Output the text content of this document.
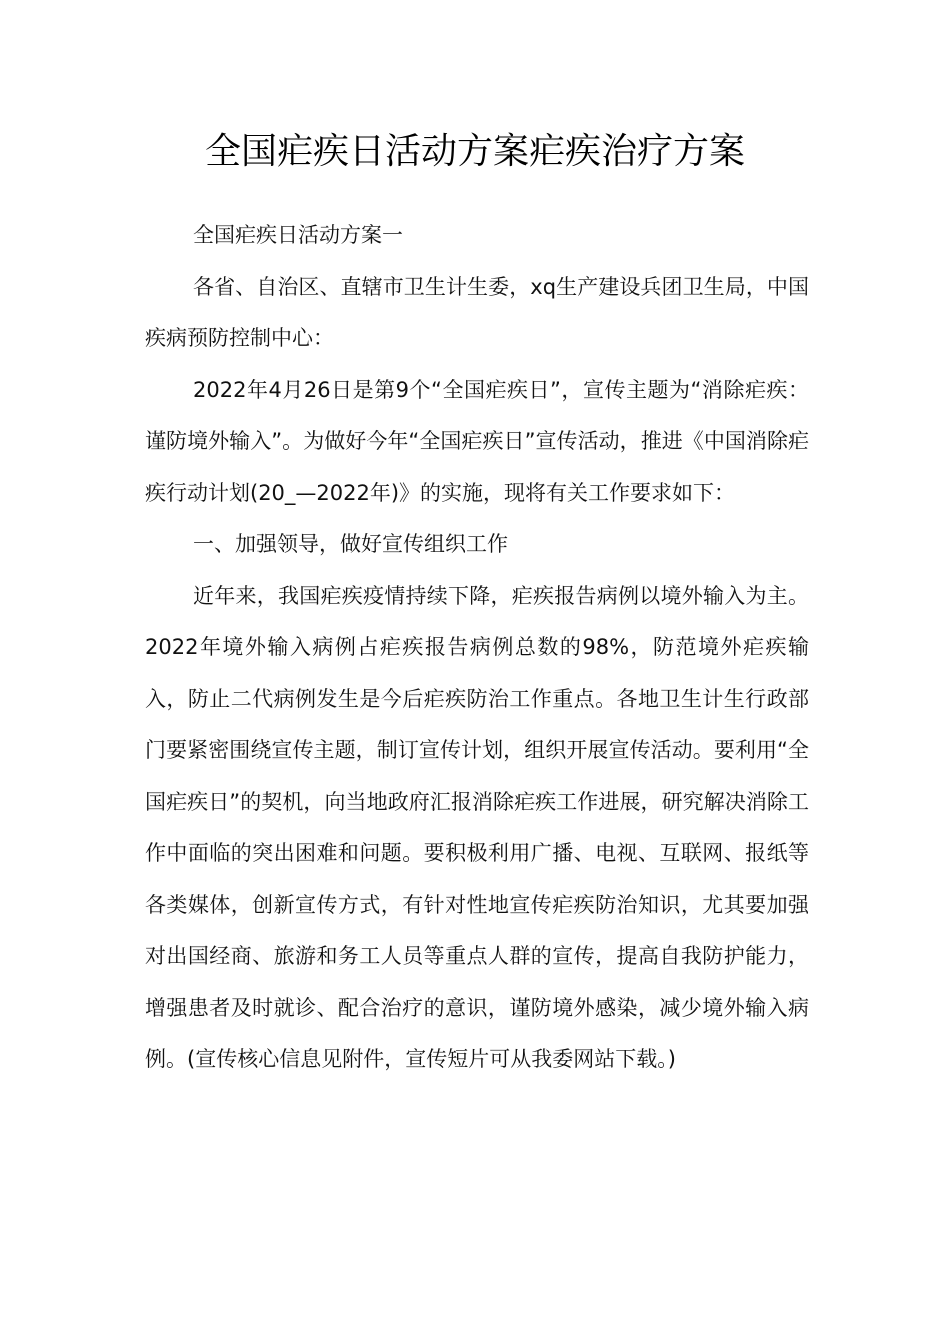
全国疟疾日活动方案疟疾治疗方案

全国疟疾日活动方案一

各省、自治区、直辖市卫生计生委，xq生产建设兵团卫生局，中国疾病预防控制中心：

2022年4月26日是第9个“全国疟疾日”，宣传主题为“消除疟疾：谨防境外输入”。为做好今年“全国疟疾日”宣传活动，推进《中国消除疟疾行动计划(20_—2022年)》的实施，现将有关工作要求如下：

一、加强领导，做好宣传组织工作

近年来，我国疟疾疫情持续下降，疟疾报告病例以境外输入为主。2022年境外输入病例占疟疾报告病例总数的98%，防范境外疟疾输入，防止二代病例发生是今后疟疾防治工作重点。各地卫生计生行政部门要紧密围绕宣传主题，制订宣传计划，组织开展宣传活动。要利用“全国疟疾日”的契机，向当地政府汇报消除疟疾工作进展，研究解决消除工作中面临的突出困难和问题。要积极利用广播、电视、互联网、报纸等各类媒体，创新宣传方式，有针对性地宣传疟疾防治知识，尤其要加强对出国经商、旅游和务工人员等重点人群的宣传，提高自我防护能力，增强患者及时就诊、配合治疗的意识，谨防境外感染，减少境外输入病例。(宣传核心信息见附件，宣传短片可从我委网站下载。)
